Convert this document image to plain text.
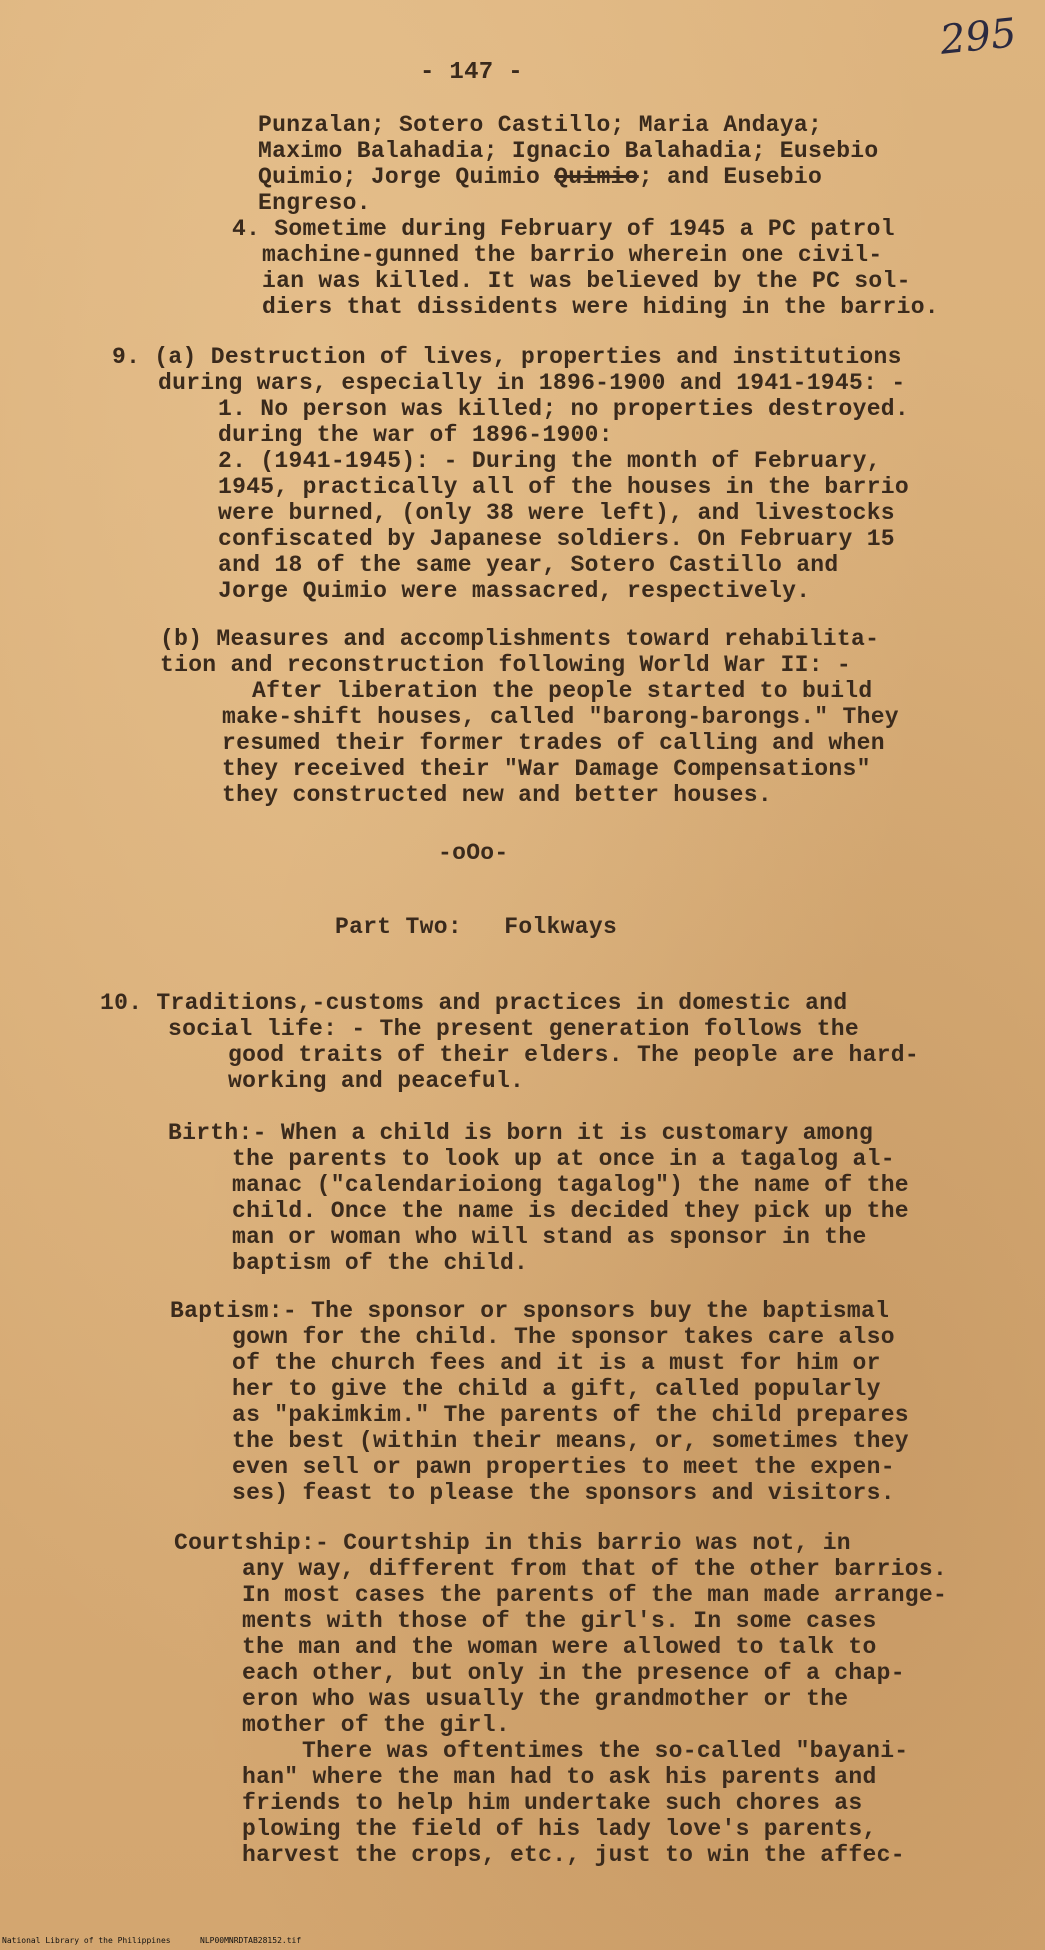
295
- 147 -
Punzalan; Sotero Castillo; Maria Andaya;
Maximo Balahadia; Ignacio Balahadia; Eusebio
Quimio; Jorge Quimio Quimio; and Eusebio
Engreso.
4. Sometime during February of 1945 a PC patrol
machine-gunned the barrio wherein one civil-
ian was killed. It was believed by the PC sol-
diers that dissidents were hiding in the barrio.
9. (a) Destruction of lives, properties and institutions
during wars, especially in 1896-1900 and 1941-1945: -
1. No person was killed; no properties destroyed.
during the war of 1896-1900:
2. (1941-1945): - During the month of February,
1945, practically all of the houses in the barrio
were burned, (only 38 were left), and livestocks
confiscated by Japanese soldiers. On February 15
and 18 of the same year, Sotero Castillo and
Jorge Quimio were massacred, respectively.
(b) Measures and accomplishments toward rehabilita-
tion and reconstruction following World War II: -
After liberation the people started to build
make-shift houses, called "barong-barongs." They
resumed their former trades of calling and when
they received their "War Damage Compensations"
they constructed new and better houses.
-oOo-
Part Two:   Folkways
10. Traditions,-customs and practices in domestic and
social life: - The present generation follows the
good traits of their elders. The people are hard-
working and peaceful.
Birth:- When a child is born it is customary among
the parents to look up at once in a tagalog al-
manac ("calendarioiong tagalog") the name of the
child. Once the name is decided they pick up the
man or woman who will stand as sponsor in the
baptism of the child.
Baptism:- The sponsor or sponsors buy the baptismal
gown for the child. The sponsor takes care also
of the church fees and it is a must for him or
her to give the child a gift, called popularly
as "pakimkim." The parents of the child prepares
the best (within their means, or, sometimes they
even sell or pawn properties to meet the expen-
ses) feast to please the sponsors and visitors.
Courtship:- Courtship in this barrio was not, in
any way, different from that of the other barrios.
In most cases the parents of the man made arrange-
ments with those of the girl's. In some cases
the man and the woman were allowed to talk to
each other, but only in the presence of a chap-
eron who was usually the grandmother or the
mother of the girl.
There was oftentimes the so-called "bayani-
han" where the man had to ask his parents and
friends to help him undertake such chores as
plowing the field of his lady love's parents,
harvest the crops, etc., just to win the affec-
National Library of the Philippines	NLP00MNRDTAB28152.tif
